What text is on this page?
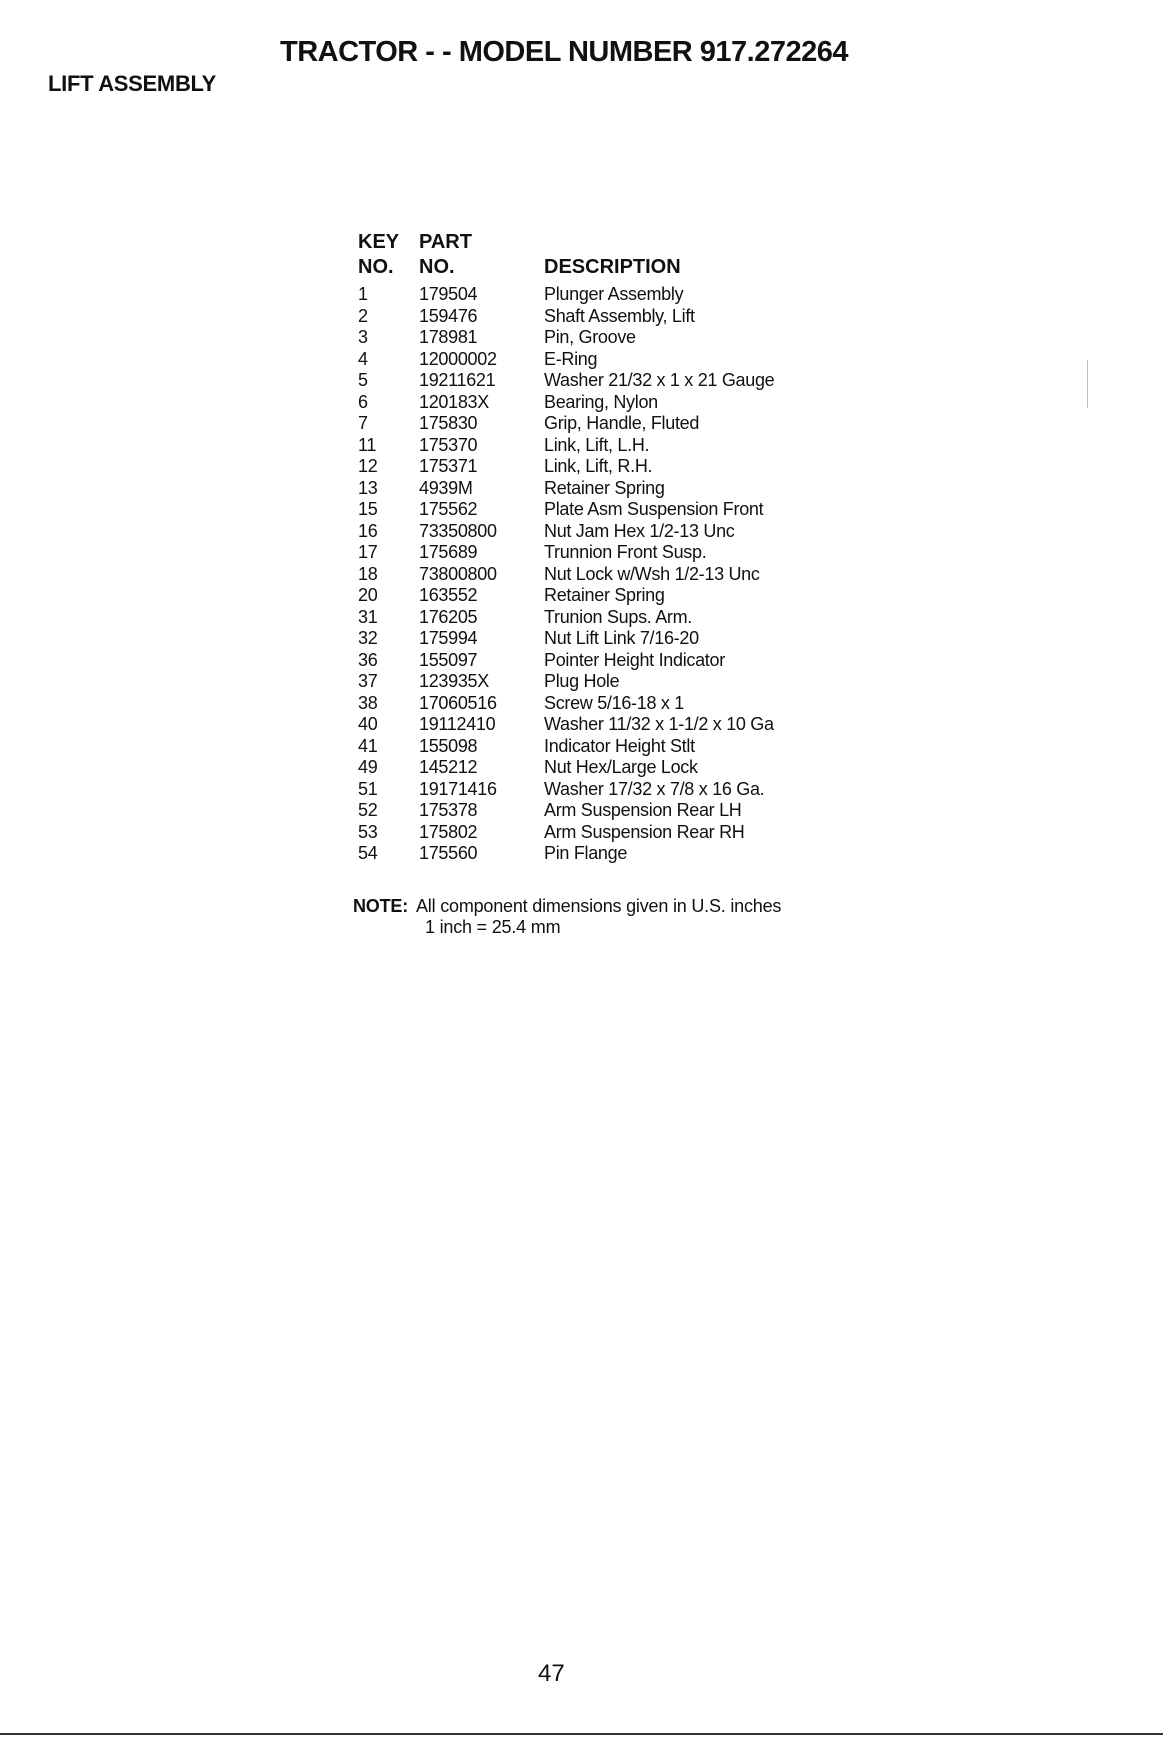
TRACTOR - - MODEL NUMBER 917.272264
LIFT ASSEMBLY
KEY	PART	
NO.	NO.	DESCRIPTION
1	179504	Plunger Assembly
2	159476	Shaft Assembly, Lift
3	178981	Pin, Groove
4	12000002	E-Ring
5	19211621	Washer 21/32 x 1 x 21 Gauge
6	120183X	Bearing, Nylon
7	175830	Grip, Handle, Fluted
11	175370	Link, Lift, L.H.
12	175371	Link, Lift, R.H.
13	4939M	Retainer Spring
15	175562	Plate Asm Suspension Front
16	73350800	Nut Jam Hex 1/2-13 Unc
17	175689	Trunnion Front Susp.
18	73800800	Nut Lock w/Wsh 1/2-13 Unc
20	163552	Retainer Spring
31	176205	Trunion Sups. Arm.
32	175994	Nut Lift Link 7/16-20
36	155097	Pointer Height Indicator
37	123935X	Plug Hole
38	17060516	Screw 5/16-18 x 1
40	19112410	Washer 11/32 x 1-1/2 x 10 Ga
41	155098	Indicator Height Stlt
49	145212	Nut Hex/Large Lock
51	19171416	Washer 17/32 x 7/8 x 16 Ga.
52	175378	Arm Suspension Rear LH
53	175802	Arm Suspension Rear RH
54	175560	Pin Flange
NOTE: All component dimensions given in U.S. inches
1 inch = 25.4 mm
47
